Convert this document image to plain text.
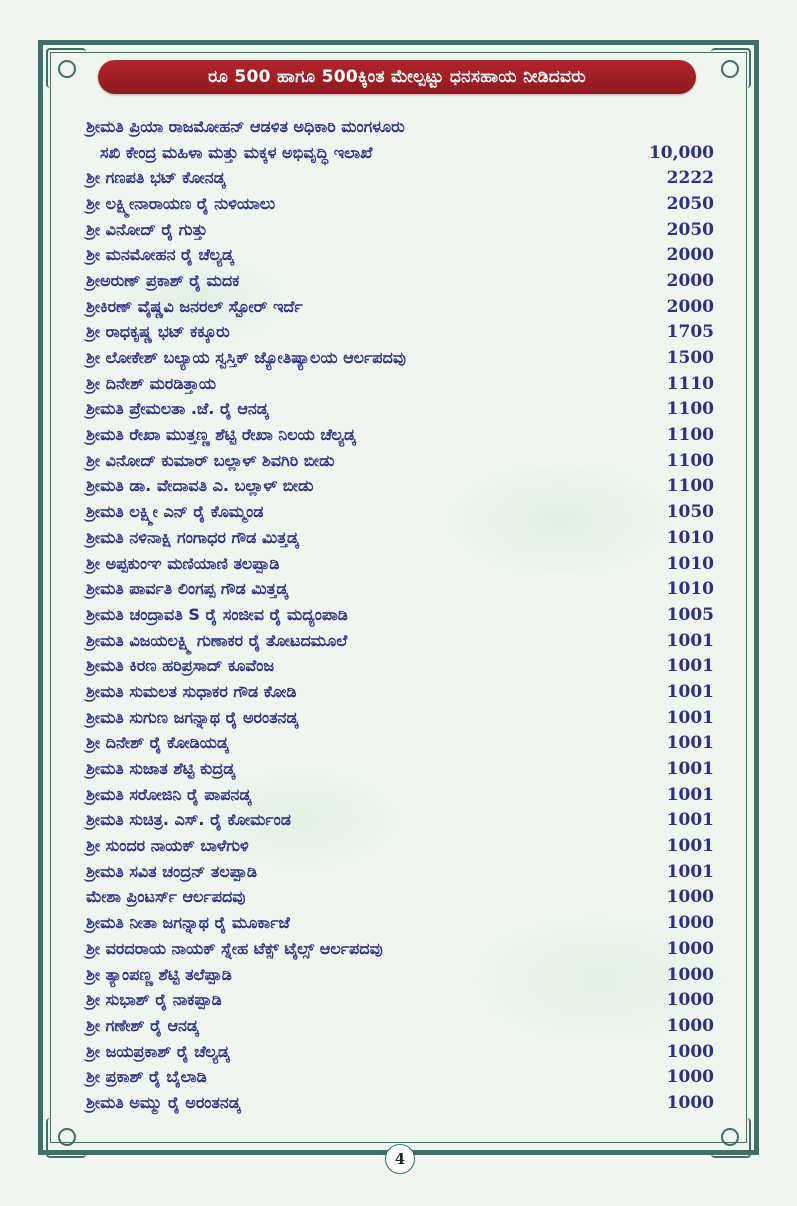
ರೂ 500 ಹಾಗೂ 500ಕ್ಕಿಂತ ಮೇಲ್ಪಟ್ಟು ಧನಸಹಾಯ ನೀಡಿದವರು
ಶ್ರೀಮತಿ ಪ್ರಿಯಾ ರಾಜಮೋಹನ್ ಆಡಳಿತ ಅಧಿಕಾರಿ ಮಂಗಳೂರು
ಸಖಿ ಕೇಂದ್ರ ಮಹಿಳಾ ಮತ್ತು ಮಕ್ಕಳ ಅಭಿವೃದ್ಧಿ ಇಲಾಖೆ	10,000
ಶ್ರೀ ಗಣಪತಿ ಭಟ್ ಕೋನಡ್ಕ	2222
ಶ್ರೀ ಲಕ್ಷ್ಮೀನಾರಾಯಣ ರೈ ನುಳಿಯಾಲು	2050
ಶ್ರೀ ವಿನೋದ್ ರೈ ಗುತ್ತು	2050
ಶ್ರೀ ಮನಮೋಹನ ರೈ ಚೆಲ್ಯಡ್ಕ	2000
ಶ್ರೀಅರುಣ್ ಪ್ರಕಾಶ್ ರೈ ಮದಕ	2000
ಶ್ರೀಕಿರಣ್ ವೈಷ್ಣವಿ ಜನರಲ್ ಸ್ಟೋರ್ ಇರ್ದೆ	2000
ಶ್ರೀ ರಾಧಕೃಷ್ಣ ಭಟ್ ಕಕ್ಕೂರು	1705
ಶ್ರೀ ಲೋಕೇಶ್ ಬಲ್ಯಾಯ ಸ್ವಸ್ತಿಕ್ ಜ್ಯೋತಿಷ್ಯಾಲಯ ಆರ್ಲಪದವು	1500
ಶ್ರೀ ದಿನೇಶ್ ಮರಡಿತ್ತಾಯ	1110
ಶ್ರೀಮತಿ ಪ್ರೇಮಲತಾ .ಜೆ. ರೈ ಆನಡ್ಕ	1100
ಶ್ರೀಮತಿ ರೇಖಾ ಮುತ್ತಣ್ಣ ಶೆಟ್ಟಿ ರೇಖಾ ನಿಲಯ ಚೆಲ್ಯಡ್ಕ	1100
ಶ್ರೀ ವಿನೋದ್ ಕುಮಾರ್ ಬಲ್ಲಾಳ್ ಶಿವಗಿರಿ ಬೀಡು	1100
ಶ್ರೀಮತಿ ಡಾ. ವೇದಾವತಿ ಎ. ಬಲ್ಲಾಳ್ ಬೀಡು	1100
ಶ್ರೀಮತಿ ಲಕ್ಷ್ಮೀ ಎನ್ ರೈ ಕೊಮ್ಮಂಡ	1050
ಶ್ರೀಮತಿ ನಳಿನಾಕ್ಷಿ ಗಂಗಾಧರ ಗೌಡ ಮಿತ್ತಡ್ಕ	1010
ಶ್ರೀ ಅಪ್ಪಕುಂಞ ಮಣಿಯಾಣಿ ತಲಪ್ಪಾಡಿ	1010
ಶ್ರೀಮತಿ ಪಾರ್ವತಿ ಲಿಂಗಪ್ಪ ಗೌಡ ಮಿತ್ತಡ್ಕ	1010
ಶ್ರೀಮತಿ ಚಂದ್ರಾವತಿ S ರೈ ಸಂಜೀವ ರೈ ಮದ್ಯಂಪಾಡಿ	1005
ಶ್ರೀಮತಿ ವಿಜಯಲಕ್ಷ್ಮಿ ಗುಣಾಕರ ರೈ ತೋಟದಮೂಲೆ	1001
ಶ್ರೀಮತಿ ಕಿರಣ ಹರಿಪ್ರಸಾದ್ ಕೂವೆಂಜ	1001
ಶ್ರೀಮತಿ ಸುಮಲತ ಸುಧಾಕರ ಗೌಡ ಕೋಡಿ	1001
ಶ್ರೀಮತಿ ಸುಗುಣ ಜಗನ್ನಾಥ ರೈ ಅರಂತನಡ್ಕ	1001
ಶ್ರೀ ದಿನೇಶ್ ರೈ ಕೋಡಿಯಡ್ಕ	1001
ಶ್ರೀಮತಿ ಸುಜಾತ ಶೆಟ್ಟಿ ಕುದ್ರಡ್ಕ	1001
ಶ್ರೀಮತಿ ಸರೋಜಿನಿ ರೈ ಪಾಪನಡ್ಕ	1001
ಶ್ರೀಮತಿ ಸುಚಿತ್ರ. ಎಸ್. ರೈ ಕೋರ್ಮಂಡ	1001
ಶ್ರೀ ಸುಂದರ ನಾಯಕ್ ಬಾಳೆಗುಳಿ	1001
ಶ್ರೀಮತಿ ಸವಿತ ಚಂದ್ರನ್ ತಲಪ್ಪಾಡಿ	1001
ಮೇಶಾ ಪ್ರಿಂಟರ್ಸ್ ಆರ್ಲಪದವು	1000
ಶ್ರೀಮತಿ ನೀತಾ ಜಗನ್ನಾಥ ರೈ ಮೂರ್ಕಾಜೆ	1000
ಶ್ರೀ ವರದರಾಯ ನಾಯಕ್ ಸ್ನೇಹ ಟೆಕ್ಸ್ ಟೈಲ್ಸ್ ಆರ್ಲಪದವು	1000
ಶ್ರೀ ತ್ಯಾಂಪಣ್ಣ ಶೆಟ್ಟಿ ತಲೆಪ್ಪಾಡಿ	1000
ಶ್ರೀ ಸುಭಾಶ್ ರೈ ನಾಕಪ್ಪಾಡಿ	1000
ಶ್ರೀ ಗಣೇಶ್ ರೈ ಆನಡ್ಕ	1000
ಶ್ರೀ ಜಯಪ್ರಕಾಶ್ ರೈ ಚೆಲ್ಯಡ್ಕ	1000
ಶ್ರೀ ಪ್ರಕಾಶ್ ರೈ ಬೈಲಾಡಿ	1000
ಶ್ರೀಮತಿ ಅಮ್ಮು ರೈ ಅರಂತನಡ್ಕ	1000
4
